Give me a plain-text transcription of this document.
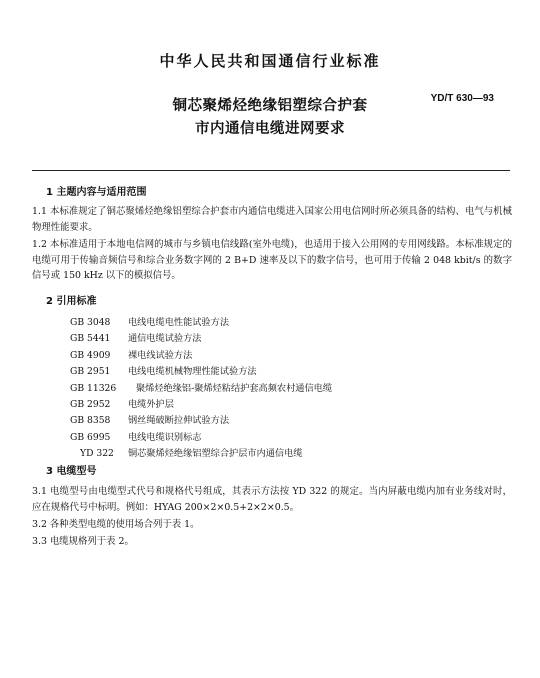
中华人民共和国通信行业标准
YD/T 630—93
铜芯聚烯烃绝缘铝塑综合护套
市内通信电缆进网要求
1 主题内容与适用范围
1.1 本标准规定了铜芯聚烯烃绝缘铝塑综合护套市内通信电缆进入国家公用电信网时所必须具备的结构、电气与机械物理性能要求。
1.2 本标准适用于本地电信网的城市与乡镇电信线路(室外电缆)，也适用于接入公用网的专用网线路。本标准规定的电缆可用于传输音频信号和综合业务数字网的 2 B+D 速率及以下的数字信号，也可用于传输 2 048 kbit/s 的数字信号或 150 kHz 以下的模拟信号。
2 引用标准
GB 3048	电线电缆电性能试验方法
GB 5441	通信电缆试验方法
GB 4909	裸电线试验方法
GB 2951	电线电缆机械物理性能试验方法
GB 11326	聚烯烃绝缘铝-聚烯烃粘结护套高频农村通信电缆
GB 2952	电缆外护层
GB 8358	钢丝绳破断拉伸试验方法
GB 6995	电线电缆识别标志
YD 322	铜芯聚烯烃绝缘铝塑综合护层市内通信电缆
3 电缆型号
3.1 电缆型号由电缆型式代号和规格代号组成，其表示方法按 YD 322 的规定。当内屏蔽电缆内加有业务线对时，应在规格代号中标明。例如：HYAG 200×2×0.5+2×2×0.5。
3.2 各种类型电缆的使用场合列于表 1。
3.3 电缆规格列于表 2。
